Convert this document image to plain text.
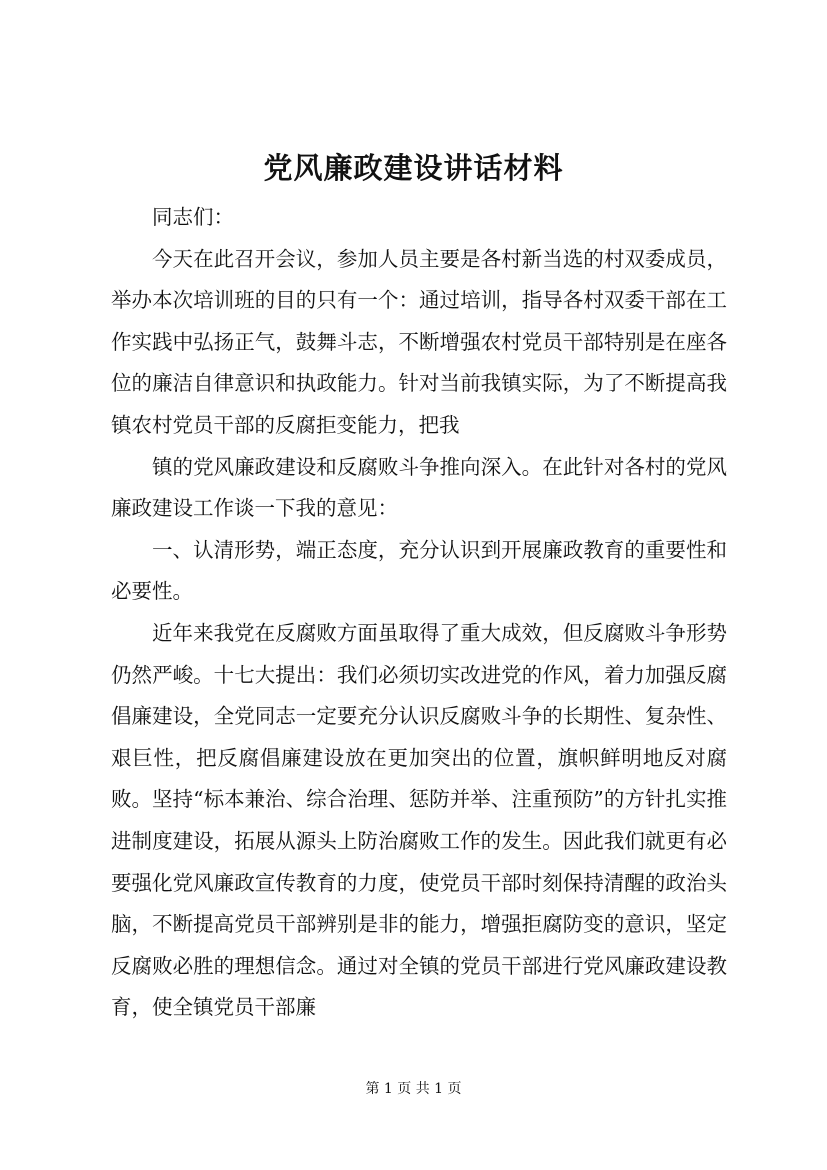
党风廉政建设讲话材料

同志们：

今天在此召开会议，参加人员主要是各村新当选的村双委成员，举办本次培训班的目的只有一个：通过培训，指导各村双委干部在工作实践中弘扬正气，鼓舞斗志，不断增强农村党员干部特别是在座各位的廉洁自律意识和执政能力。针对当前我镇实际，为了不断提高我镇农村党员干部的反腐拒变能力，把我

镇的党风廉政建设和反腐败斗争推向深入。在此针对各村的党风廉政建设工作谈一下我的意见：

一、认清形势，端正态度，充分认识到开展廉政教育的重要性和必要性。

近年来我党在反腐败方面虽取得了重大成效，但反腐败斗争形势仍然严峻。十七大提出：我们必须切实改进党的作风，着力加强反腐倡廉建设，全党同志一定要充分认识反腐败斗争的长期性、复杂性、艰巨性，把反腐倡廉建设放在更加突出的位置，旗帜鲜明地反对腐败。坚持“标本兼治、综合治理、惩防并举、注重预防”的方针扎实推进制度建设，拓展从源头上防治腐败工作的发生。因此我们就更有必要强化党风廉政宣传教育的力度，使党员干部时刻保持清醒的政治头脑，不断提高党员干部辨别是非的能力，增强拒腐防变的意识，坚定反腐败必胜的理想信念。通过对全镇的党员干部进行党风廉政建设教育，使全镇党员干部廉

第 1 页 共 1 页
